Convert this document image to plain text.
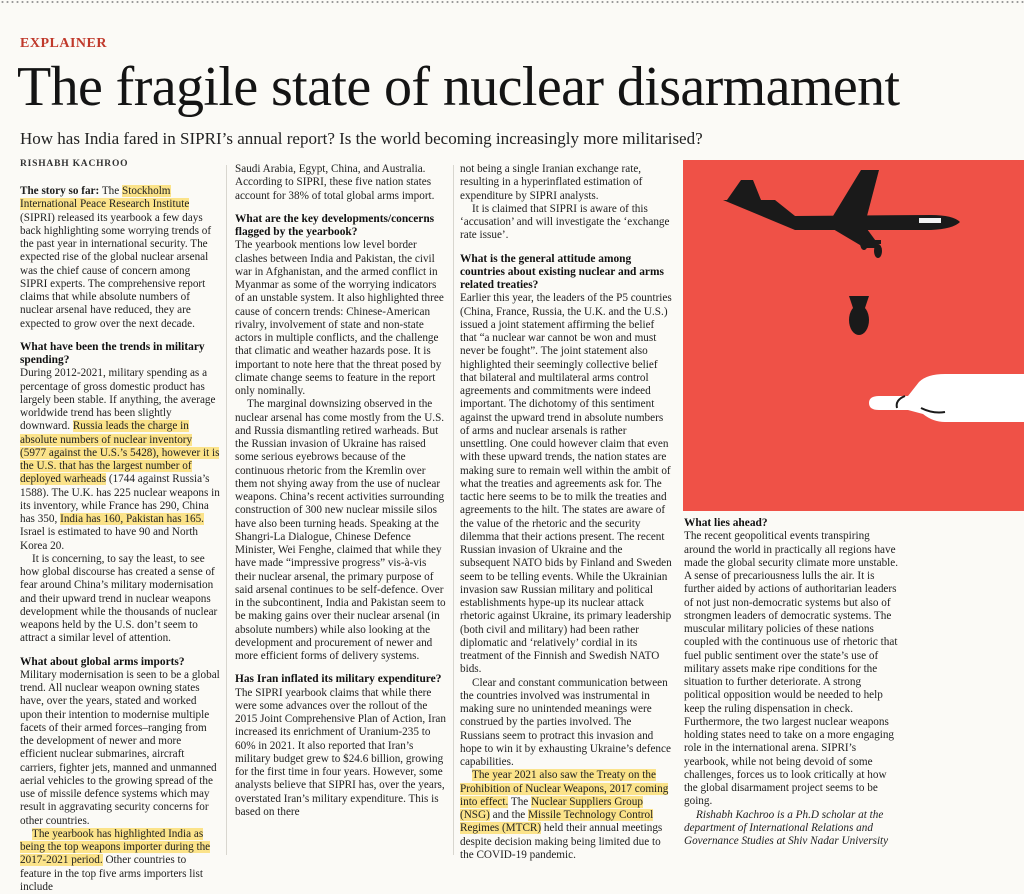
EXPLAINER
The fragile state of nuclear disarmament

How has India fared in SIPRI’s annual report? Is the world becoming increasingly more militarised?

RISHABH KACHROO

The story so far: The Stockholm International Peace Research Institute (SIPRI) released its yearbook a few days back highlighting some worrying trends of the past year in international security. The expected rise of the global nuclear arsenal was the chief cause of concern among SIPRI experts. The comprehensive report claims that while absolute numbers of nuclear arsenal have reduced, they are expected to grow over the next decade.

What have been the trends in military spending?

During 2012-2021, military spending as a percentage of gross domestic product has largely been stable. If anything, the average worldwide trend has been slightly downward. Russia leads the charge in absolute numbers of nuclear inventory (5977 against the U.S.’s 5428), however it is the U.S. that has the largest number of deployed warheads (1744 against Russia’s 1588). The U.K. has 225 nuclear weapons in its inventory, while France has 290, China has 350, India has 160, Pakistan has 165. Israel is estimated to have 90 and North Korea 20.

It is concerning, to say the least, to see how global discourse has created a sense of fear around China’s military modernisation and their upward trend in nuclear weapons development while the thousands of nuclear weapons held by the U.S. don’t seem to attract a similar level of attention.

What about global arms imports?

Military modernisation is seen to be a global trend. All nuclear weapon owning states have, over the years, stated and worked upon their intention to modernise multiple facets of their armed forces–ranging from the development of newer and more efficient nuclear submarines, aircraft carriers, fighter jets, manned and unmanned aerial vehicles to the growing spread of the use of missile defence systems which may result in aggravating security concerns for other countries.

The yearbook has highlighted India as being the top weapons importer during the 2017-2021 period. Other countries to feature in the top five arms importers list include

Saudi Arabia, Egypt, China, and Australia. According to SIPRI, these five nation states account for 38% of total global arms import.

What are the key developments/concerns flagged by the yearbook?

The yearbook mentions low level border clashes between India and Pakistan, the civil war in Afghanistan, and the armed conflict in Myanmar as some of the worrying indicators of an unstable system. It also highlighted three cause of concern trends: Chinese-American rivalry, involvement of state and non-state actors in multiple conflicts, and the challenge that climatic and weather hazards pose. It is important to note here that the threat posed by climate change seems to feature in the report only nominally.

The marginal downsizing observed in the nuclear arsenal has come mostly from the U.S. and Russia dismantling retired warheads. But the Russian invasion of Ukraine has raised some serious eyebrows because of the continuous rhetoric from the Kremlin over them not shying away from the use of nuclear weapons. China’s recent activities surrounding construction of 300 new nuclear missile silos have also been turning heads. Speaking at the Shangri-La Dialogue, Chinese Defence Minister, Wei Fenghe, claimed that while they have made “impressive progress” vis-à-vis their nuclear arsenal, the primary purpose of said arsenal continues to be self-defence. Over in the subcontinent, India and Pakistan seem to be making gains over their nuclear arsenal (in absolute numbers) while also looking at the development and procurement of newer and more efficient forms of delivery systems.

Has Iran inflated its military expenditure?

The SIPRI yearbook claims that while there were some advances over the rollout of the 2015 Joint Comprehensive Plan of Action, Iran increased its enrichment of Uranium-235 to 60% in 2021. It also reported that Iran’s military budget grew to $24.6 billion, growing for the first time in four years. However, some analysts believe that SIPRI has, over the years, overstated Iran’s military expenditure. This is based on there

not being a single Iranian exchange rate, resulting in a hyperinflated estimation of expenditure by SIPRI analysts.

It is claimed that SIPRI is aware of this ‘accusation’ and will investigate the ‘exchange rate issue’.

What is the general attitude among countries about existing nuclear and arms related treaties?

Earlier this year, the leaders of the P5 countries (China, France, Russia, the U.K. and the U.S.) issued a joint statement affirming the belief that “a nuclear war cannot be won and must never be fought”. The joint statement also highlighted their seemingly collective belief that bilateral and multilateral arms control agreements and commitments were indeed important. The dichotomy of this sentiment against the upward trend in absolute numbers of arms and nuclear arsenals is rather unsettling. One could however claim that even with these upward trends, the nation states are making sure to remain well within the ambit of what the treaties and agreements ask for. The tactic here seems to be to milk the treaties and agreements to the hilt. The states are aware of the value of the rhetoric and the security dilemma that their actions present. The recent Russian invasion of Ukraine and the subsequent NATO bids by Finland and Sweden seem to be telling events. While the Ukrainian invasion saw Russian military and political establishments hype-up its nuclear attack rhetoric against Ukraine, its primary leadership (both civil and military) had been rather diplomatic and ‘relatively’ cordial in its treatment of the Finnish and Swedish NATO bids.

Clear and constant communication between the countries involved was instrumental in making sure no unintended meanings were construed by the parties involved. The Russians seem to protract this invasion and hope to win it by exhausting Ukraine’s defence capabilities.

The year 2021 also saw the Treaty on the Prohibition of Nuclear Weapons, 2017 coming into effect. The Nuclear Suppliers Group (NSG) and the Missile Technology Control Regimes (MTCR) held their annual meetings despite decision making being limited due to the COVID-19 pandemic.

What lies ahead?

The recent geopolitical events transpiring around the world in practically all regions have made the global security climate more unstable. A sense of precariousness lulls the air. It is further aided by actions of authoritarian leaders of not just non-democratic systems but also of strongmen leaders of democratic systems. The muscular military policies of these nations coupled with the continuous use of rhetoric that fuel public sentiment over the state’s use of military assets make ripe conditions for the situation to further deteriorate. A strong political opposition would be needed to help keep the ruling dispensation in check. Furthermore, the two largest nuclear weapons holding states need to take on a more engaging role in the international arena. SIPRI’s yearbook, while not being devoid of some challenges, forces us to look critically at how the global disarmament project seems to be going.

Rishabh Kachroo is a Ph.D scholar at the department of International Relations and Governance Studies at Shiv Nadar University
